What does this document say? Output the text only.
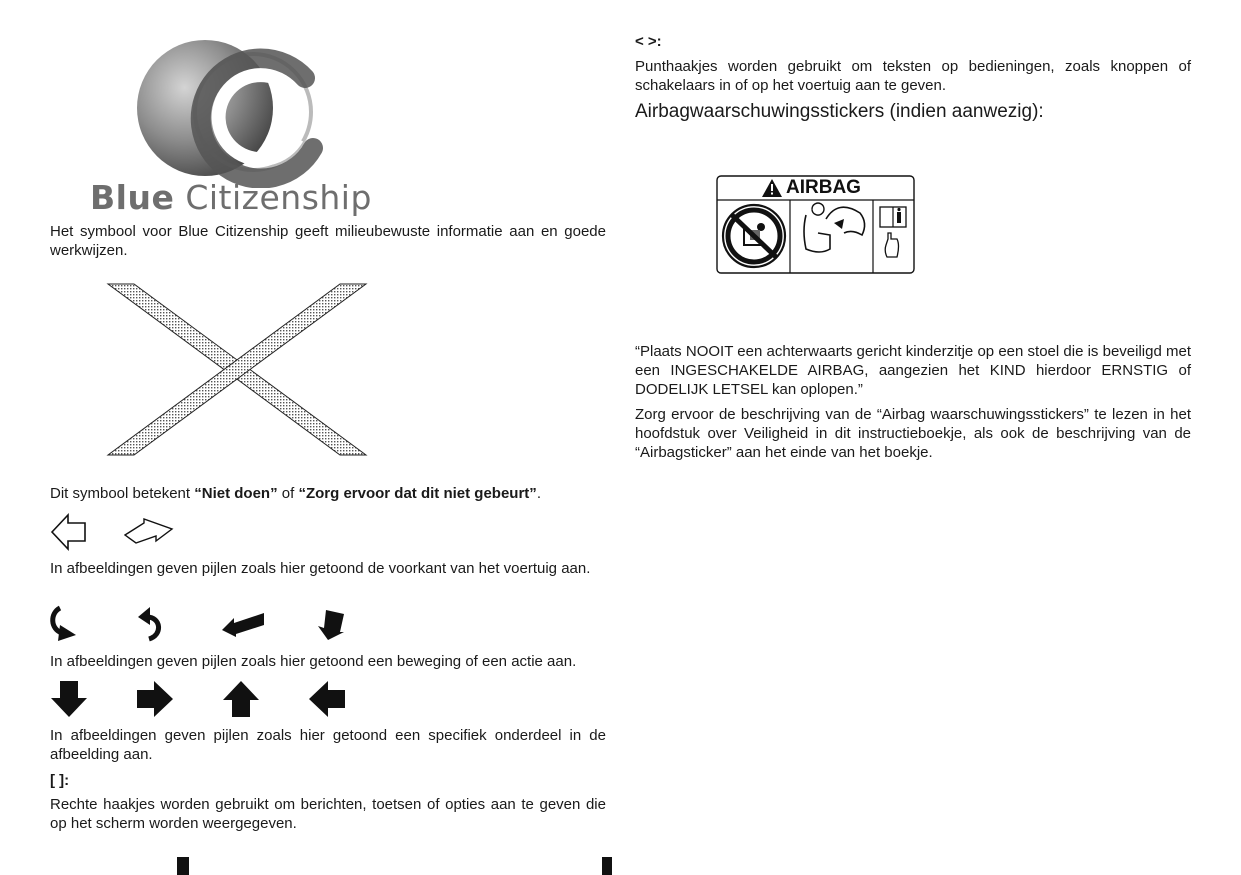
Blue Citizenship

Het symbool voor Blue Citizenship geeft milieubewuste informatie aan en goede werkwijzen.

Dit symbool betekent “Niet doen” of “Zorg ervoor dat dit niet gebeurt”.

In afbeeldingen geven pijlen zoals hier getoond de voorkant van het voertuig aan.

In afbeeldingen geven pijlen zoals hier getoond een beweging of een actie aan.

In afbeeldingen geven pijlen zoals hier getoond een specifiek onderdeel in de afbeelding aan.

[ ]:

Rechte haakjes worden gebruikt om berichten, toetsen of opties aan te geven die op het scherm worden weergegeven.

< >:

Punthaakjes worden gebruikt om teksten op bedieningen, zoals knoppen of schakelaars in of op het voertuig aan te geven.

Airbagwaarschuwingsstickers (indien aanwezig):
AIRBAG

“Plaats NOOIT een achterwaarts gericht kinderzitje op een stoel die is beveiligd met een INGESCHAKELDE AIRBAG, aangezien het KIND hierdoor ERNSTIG of DODELIJK LETSEL kan oplopen.”

Zorg ervoor de beschrijving van de “Airbag waarschuwingsstickers” te lezen in het hoofdstuk over Veiligheid in dit instructieboekje, als ook de beschrijving van de “Airbagsticker” aan het einde van het boekje.
